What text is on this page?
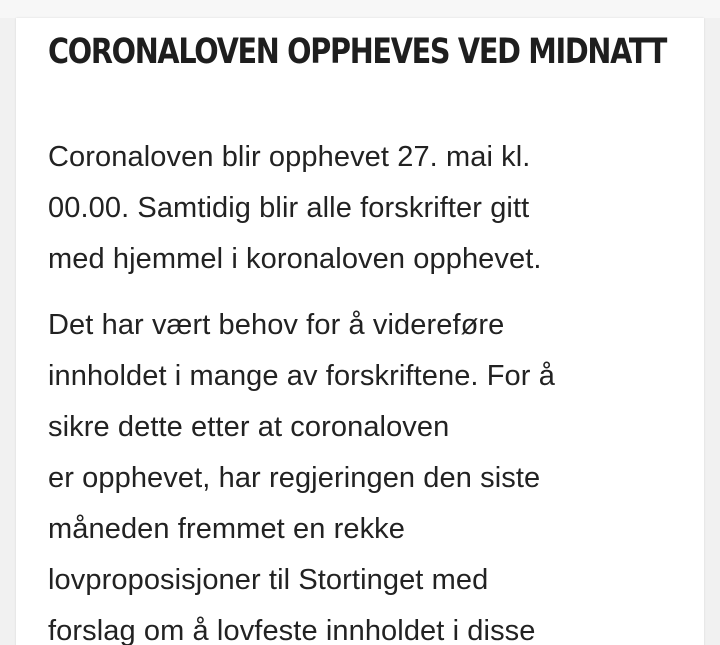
CORONALOVEN OPPHEVES VED MIDNATT

Coronaloven blir opphevet 27. mai kl.
00.00. Samtidig blir alle forskrifter gitt
med hjemmel i koronaloven opphevet.

Det har vært behov for å videreføre
innholdet i mange av forskriftene. For å
sikre dette etter at coronaloven
er opphevet, har regjeringen den siste
måneden fremmet en rekke
lovproposisjoner til Stortinget med
forslag om å lovfeste innholdet i disse
